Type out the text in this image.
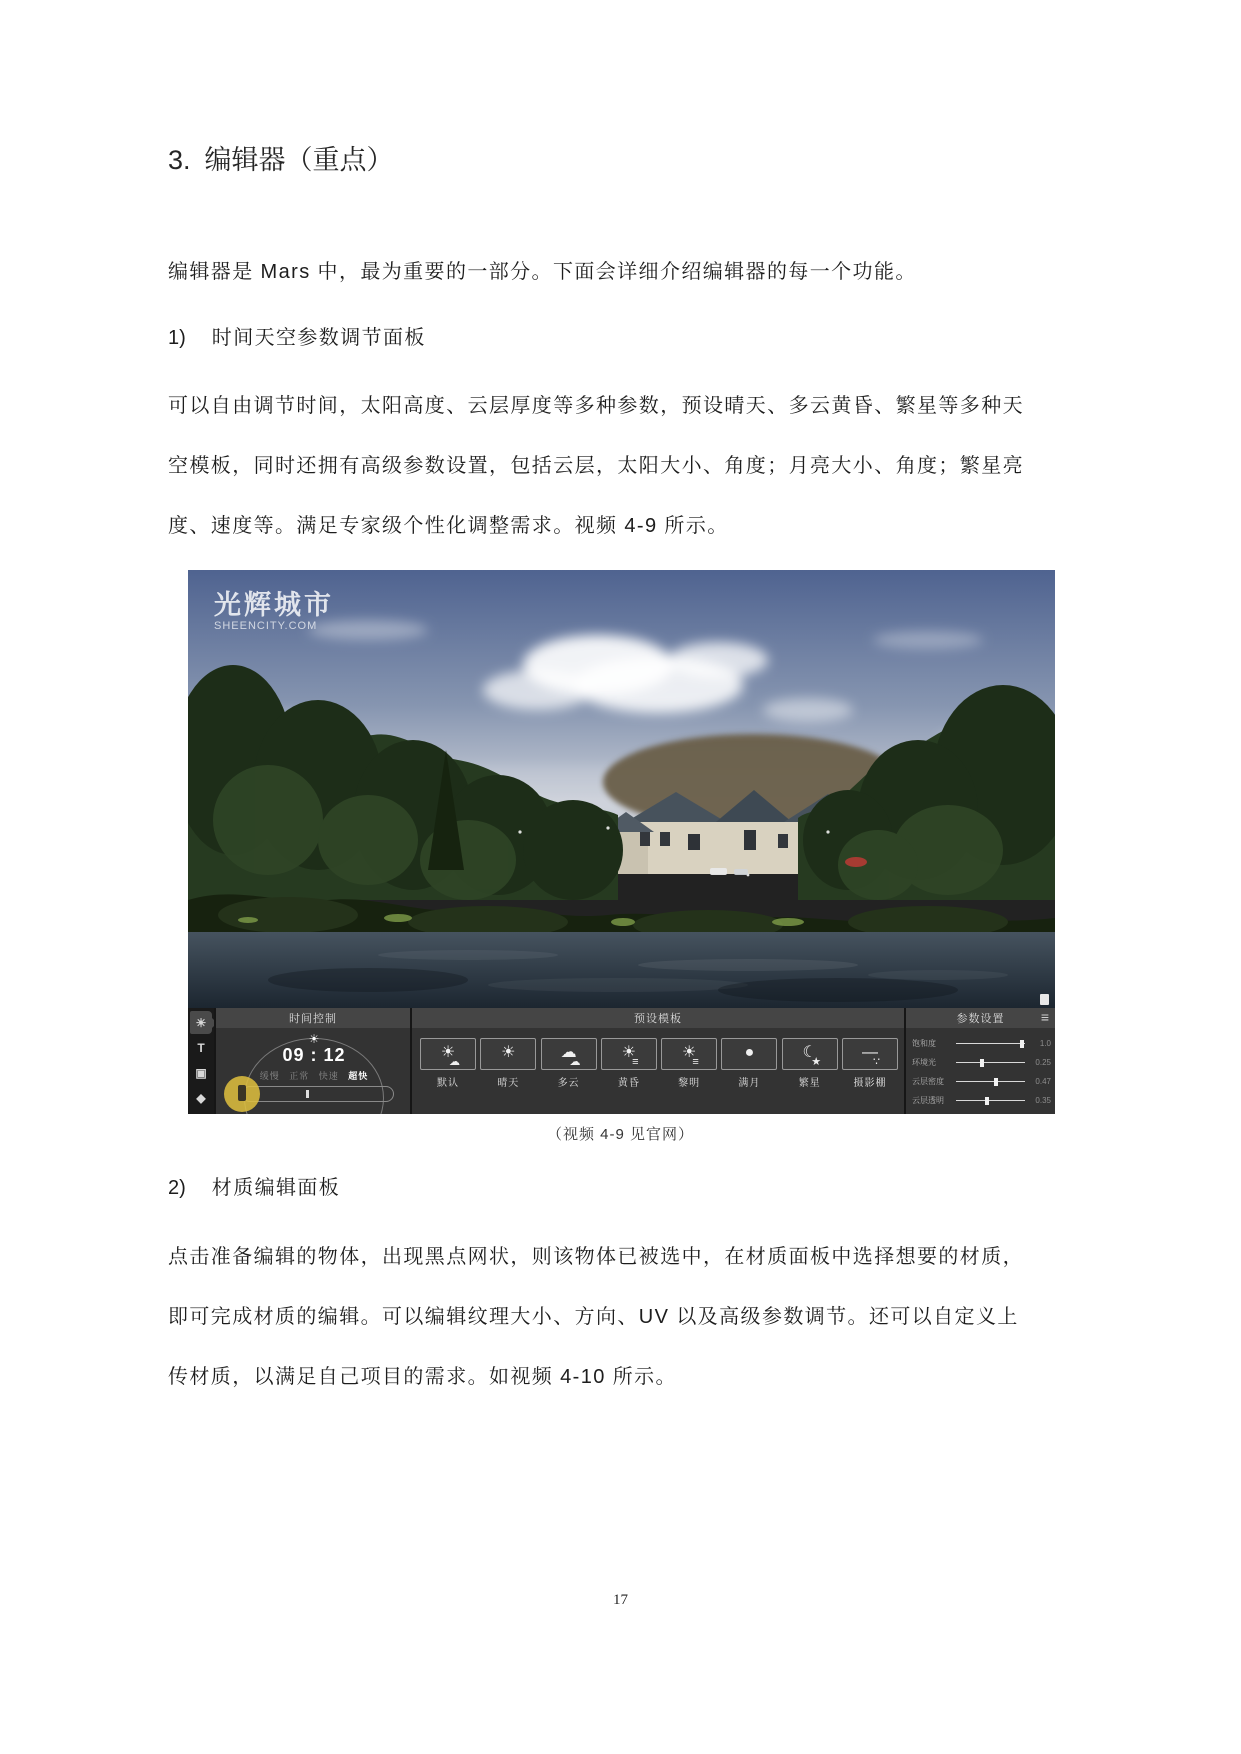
3. 编辑器（重点）
编辑器是 Mars 中，最为重要的一部分。下面会详细介绍编辑器的每一个功能。
1) 时间天空参数调节面板
可以自由调节时间，太阳高度、云层厚度等多种参数，预设晴天、多云黄昏、繁星等多种天
空模板，同时还拥有高级参数设置，包括云层，太阳大小、角度；月亮大小、角度；繁星亮
度、速度等。满足专家级个性化调整需求。视频 4-9 所示。
光辉城市
SHEENCITY.COM
☀
T
▣
◆
时间控制
☀
09 : 12
缓慢 正常 快速 超快
预设模板
☀
☁
默认
☀
晴天
☁
☁
多云
☀
≡
黄昏
☀
≡
黎明
●
满月
☾
★
繁星
—
∵
摄影棚
参数设置	≡
饱和度	1.0
环境光	0.25
云层密度	0.47
云层透明	0.35
（视频 4-9 见官网）
2) 材质编辑面板
点击准备编辑的物体，出现黑点网状，则该物体已被选中，在材质面板中选择想要的材质，
即可完成材质的编辑。可以编辑纹理大小、方向、UV 以及高级参数调节。还可以自定义上
传材质，以满足自己项目的需求。如视频 4-10 所示。
17
